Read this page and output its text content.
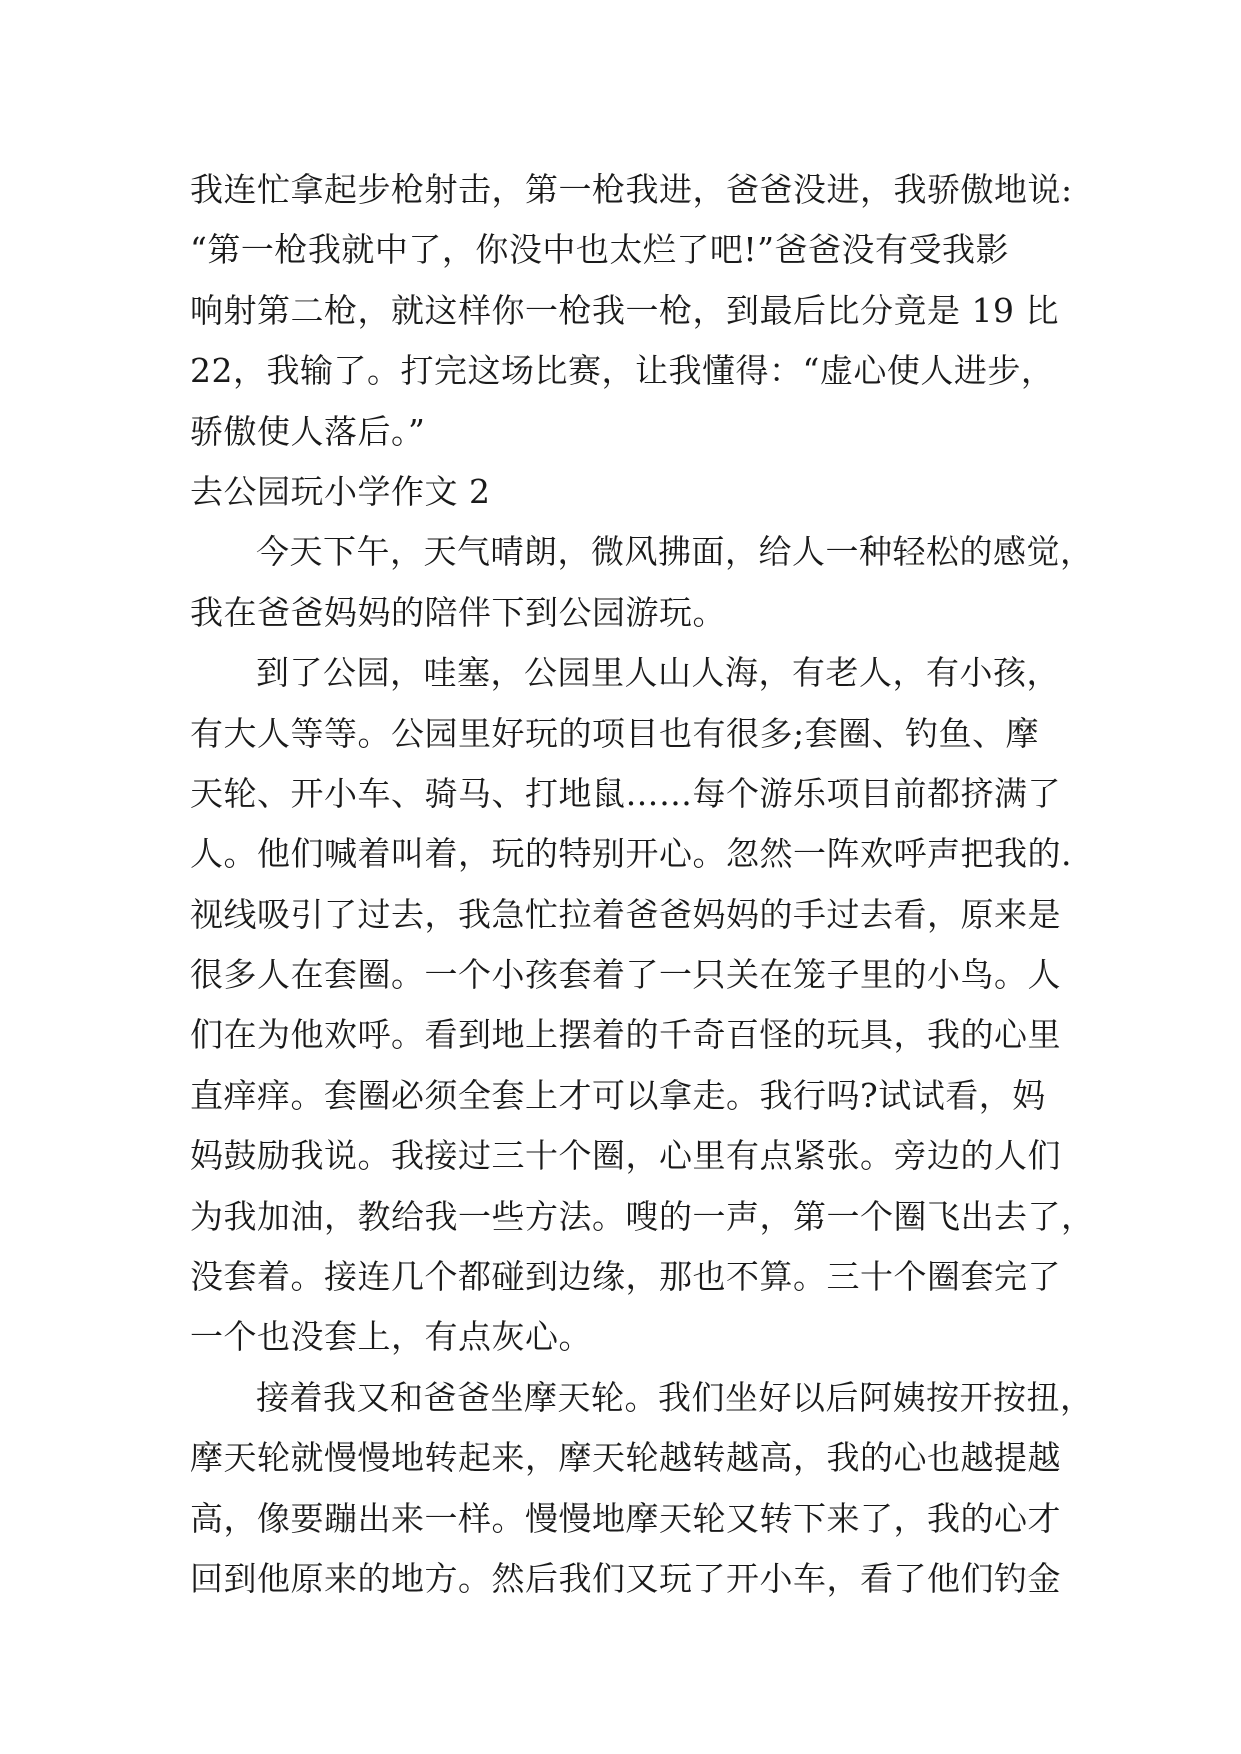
我连忙拿起步枪射击，第一枪我进，爸爸没进，我骄傲地说:
“第一枪我就中了，你没中也太烂了吧!”爸爸没有受我影
响射第二枪，就这样你一枪我一枪，到最后比分竟是 19 比
22，我输了。打完这场比赛，让我懂得：“虚心使人进步，
骄傲使人落后。”
去公园玩小学作文 2
今天下午，天气晴朗，微风拂面，给人一种轻松的感觉，
我在爸爸妈妈的陪伴下到公园游玩。
到了公园，哇塞，公园里人山人海，有老人，有小孩，
有大人等等。公园里好玩的项目也有很多;套圈、钓鱼、摩
天轮、开小车、骑马、打地鼠……每个游乐项目前都挤满了
人。他们喊着叫着，玩的特别开心。忽然一阵欢呼声把我的.
视线吸引了过去，我急忙拉着爸爸妈妈的手过去看，原来是
很多人在套圈。一个小孩套着了一只关在笼子里的小鸟。人
们在为他欢呼。看到地上摆着的千奇百怪的玩具，我的心里
直痒痒。套圈必须全套上才可以拿走。我行吗?试试看，妈
妈鼓励我说。我接过三十个圈，心里有点紧张。旁边的人们
为我加油，教给我一些方法。嗖的一声，第一个圈飞出去了，
没套着。接连几个都碰到边缘，那也不算。三十个圈套完了
一个也没套上，有点灰心。
接着我又和爸爸坐摩天轮。我们坐好以后阿姨按开按扭，
摩天轮就慢慢地转起来，摩天轮越转越高，我的心也越提越
高，像要蹦出来一样。慢慢地摩天轮又转下来了，我的心才
回到他原来的地方。然后我们又玩了开小车，看了他们钓金
